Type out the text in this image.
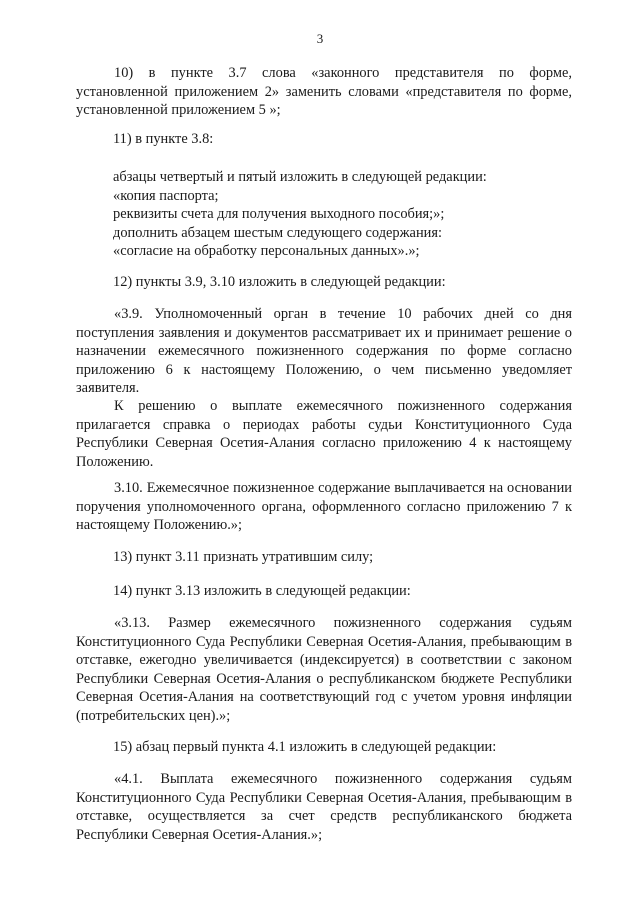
3

10) в пункте 3.7 слова «законного представителя по форме, установленной приложением 2» заменить словами «представителя по форме, установленной приложением 5 »;

11) в пункте 3.8:

абзацы четвертый и пятый изложить в следующей редакции:

«копия паспорта;

реквизиты счета для получения выходного пособия;»;

дополнить абзацем шестым следующего содержания:

«согласие на обработку персональных данных».»;

12) пункты 3.9, 3.10 изложить в следующей редакции:

«3.9. Уполномоченный орган в течение 10 рабочих дней со дня поступления заявления и документов рассматривает их и принимает решение о назначении ежемесячного пожизненного содержания по форме согласно приложению 6 к настоящему Положению, о чем письменно уведомляет заявителя.

К решению о выплате ежемесячного пожизненного содержания прилагается справка о периодах работы судьи Конституционного Суда Республики Северная Осетия-Алания согласно приложению 4 к настоящему Положению.

3.10. Ежемесячное пожизненное содержание выплачивается на основании поручения уполномоченного органа, оформленного согласно приложению 7 к настоящему Положению.»;

13) пункт 3.11 признать утратившим силу;

14) пункт 3.13 изложить в следующей редакции:

«3.13. Размер ежемесячного пожизненного содержания судьям Конституционного Суда Республики Северная Осетия-Алания, пребывающим в отставке, ежегодно увеличивается (индексируется) в соответствии с законом Республики Северная Осетия-Алания о республиканском бюджете Республики Северная Осетия-Алания на соответствующий год с учетом уровня инфляции (потребительских цен).»;

15) абзац первый пункта 4.1 изложить в следующей редакции:

«4.1. Выплата ежемесячного пожизненного содержания судьям Конституционного Суда Республики Северная Осетия-Алания, пребывающим в отставке, осуществляется за счет средств республиканского бюджета Республики Северная Осетия-Алания.»;
